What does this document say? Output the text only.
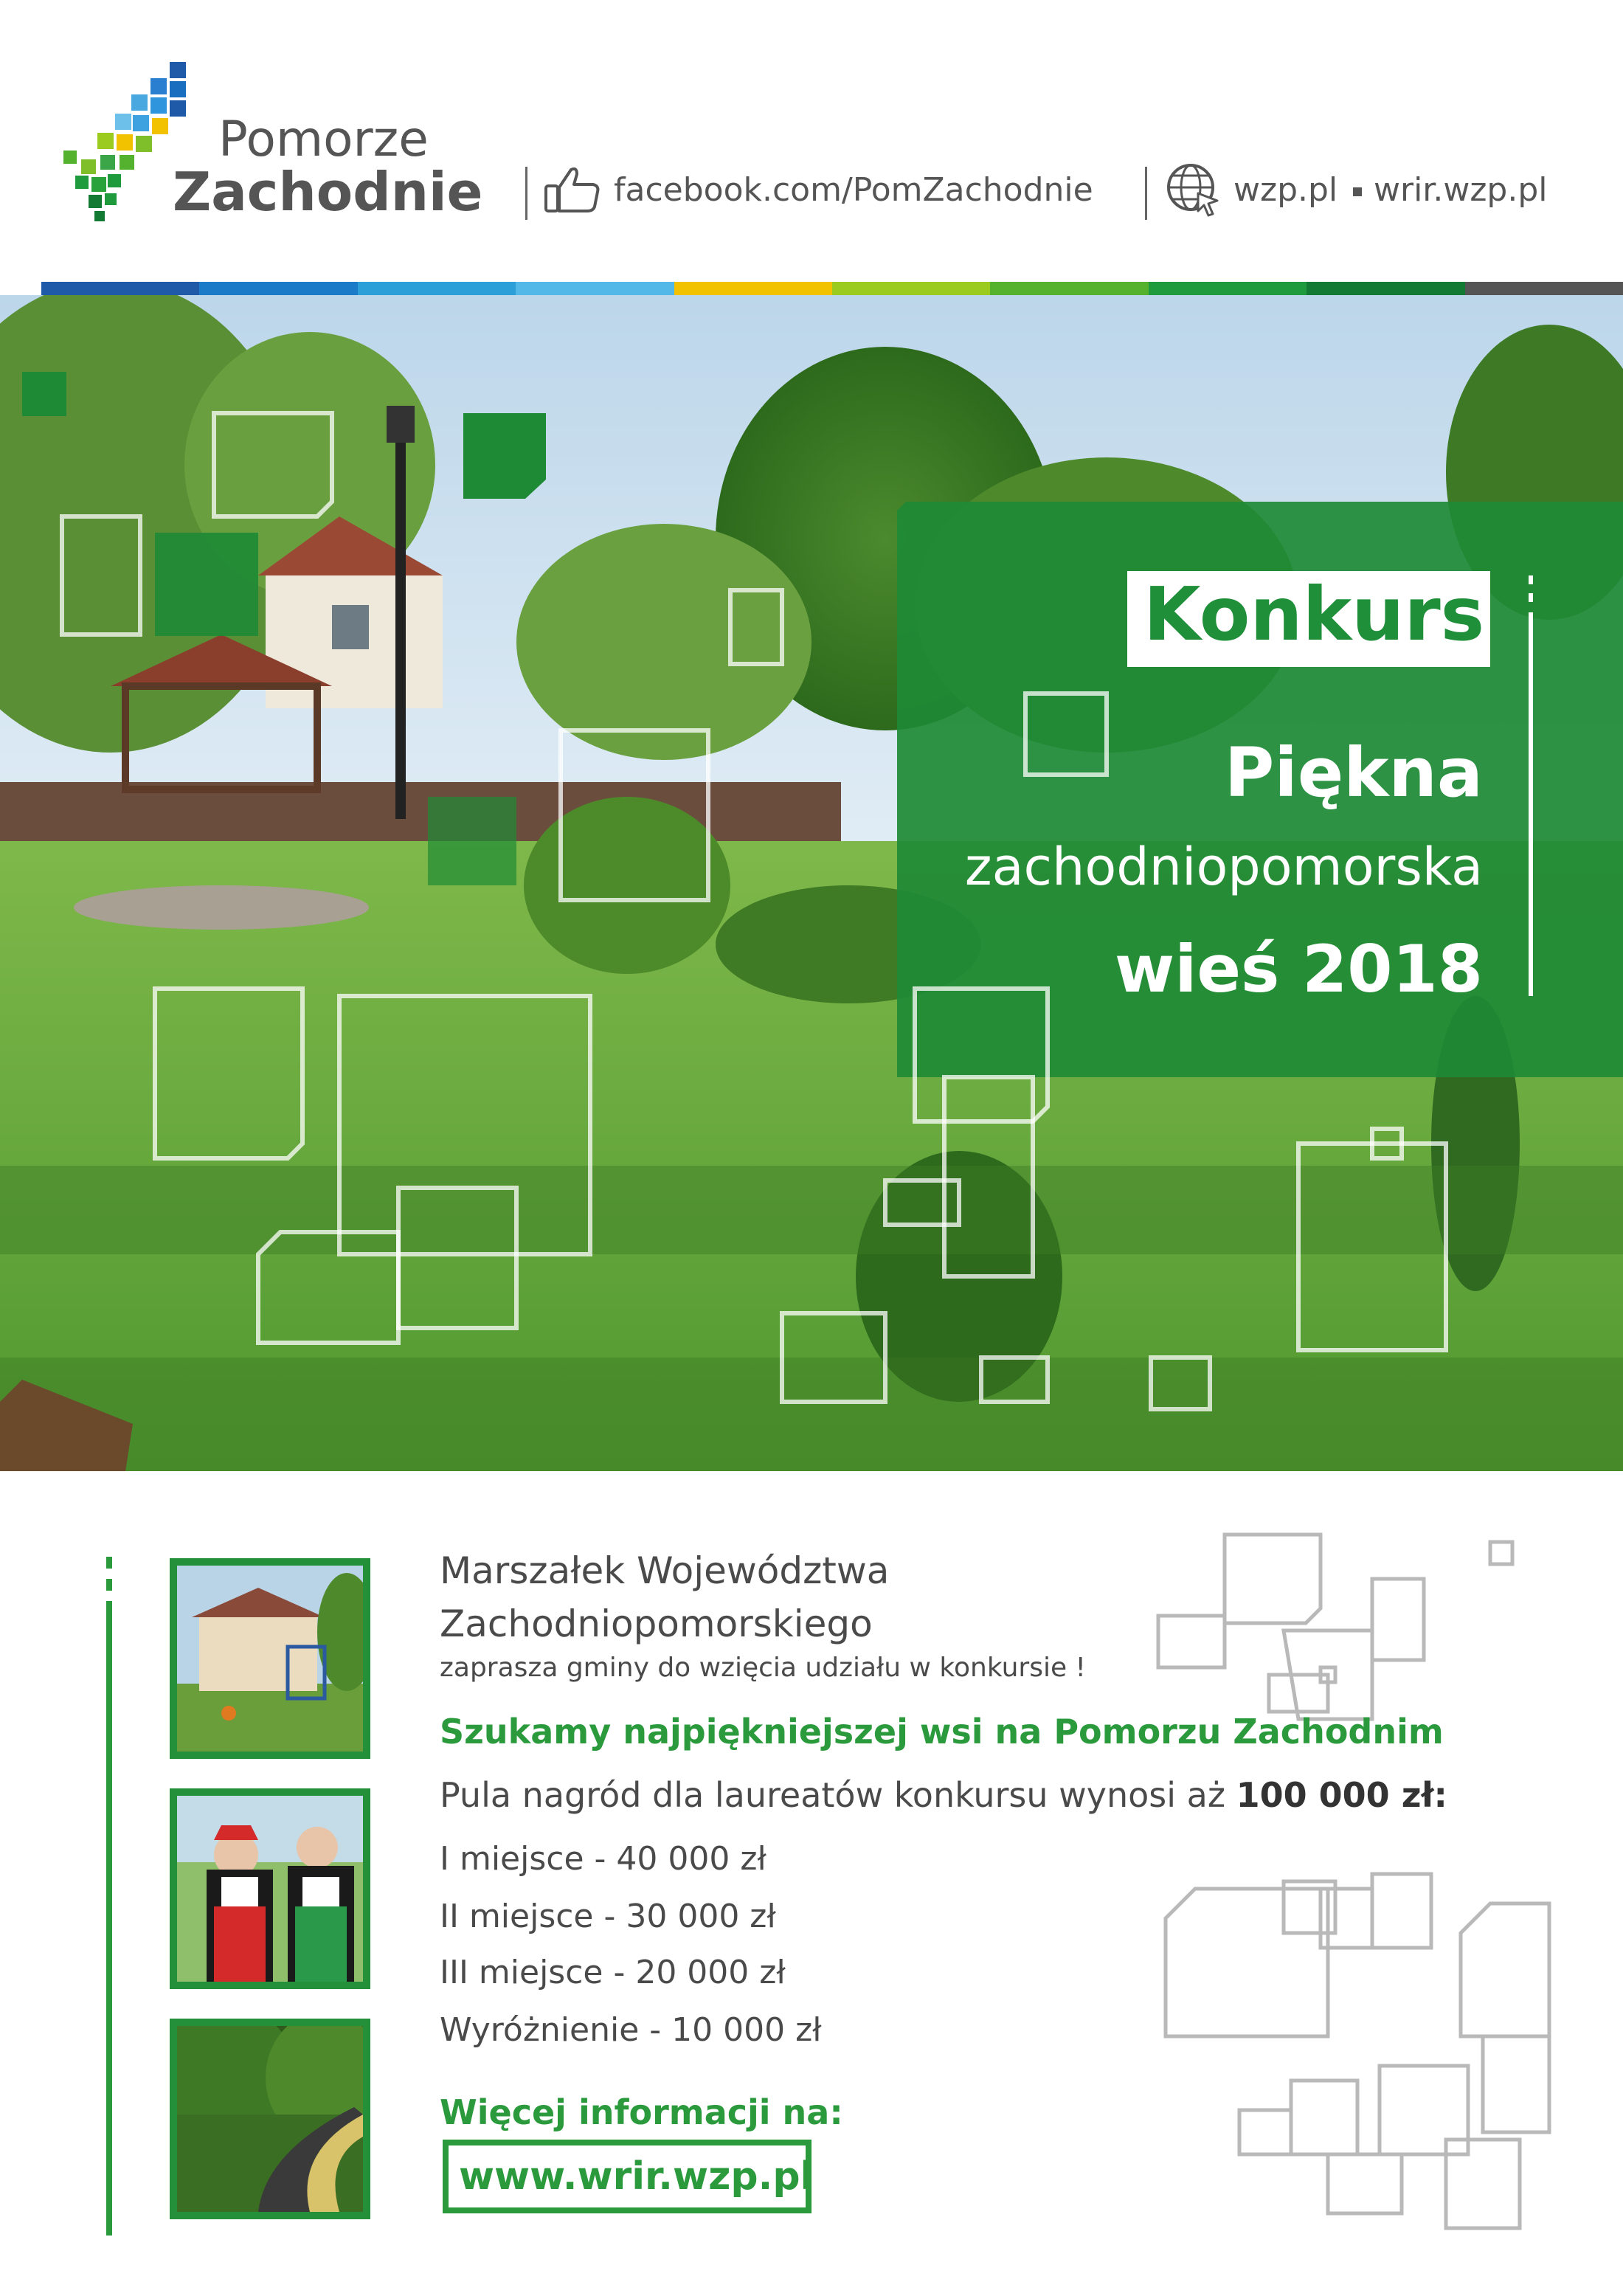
Pomorze
Zachodnie	facebook.com/PomZachodnie	wzp.pl wrir.wzp.pl
Konkurs
Piękna
zachodniopomorska
wieś 2018
Marszałek Województwa
Zachodniopomorskiego
zaprasza gminy do wzięcia udziału w konkursie !
Szukamy najpiękniejszej wsi na Pomorzu Zachodnim
Pula nagród dla laureatów konkursu wynosi aż 100 000 zł:
I miejsce - 40 000 zł
II miejsce - 30 000 zł
III miejsce - 20 000 zł
Wyróżnienie - 10 000 zł
Więcej informacji na:
www.wrir.wzp.pl
